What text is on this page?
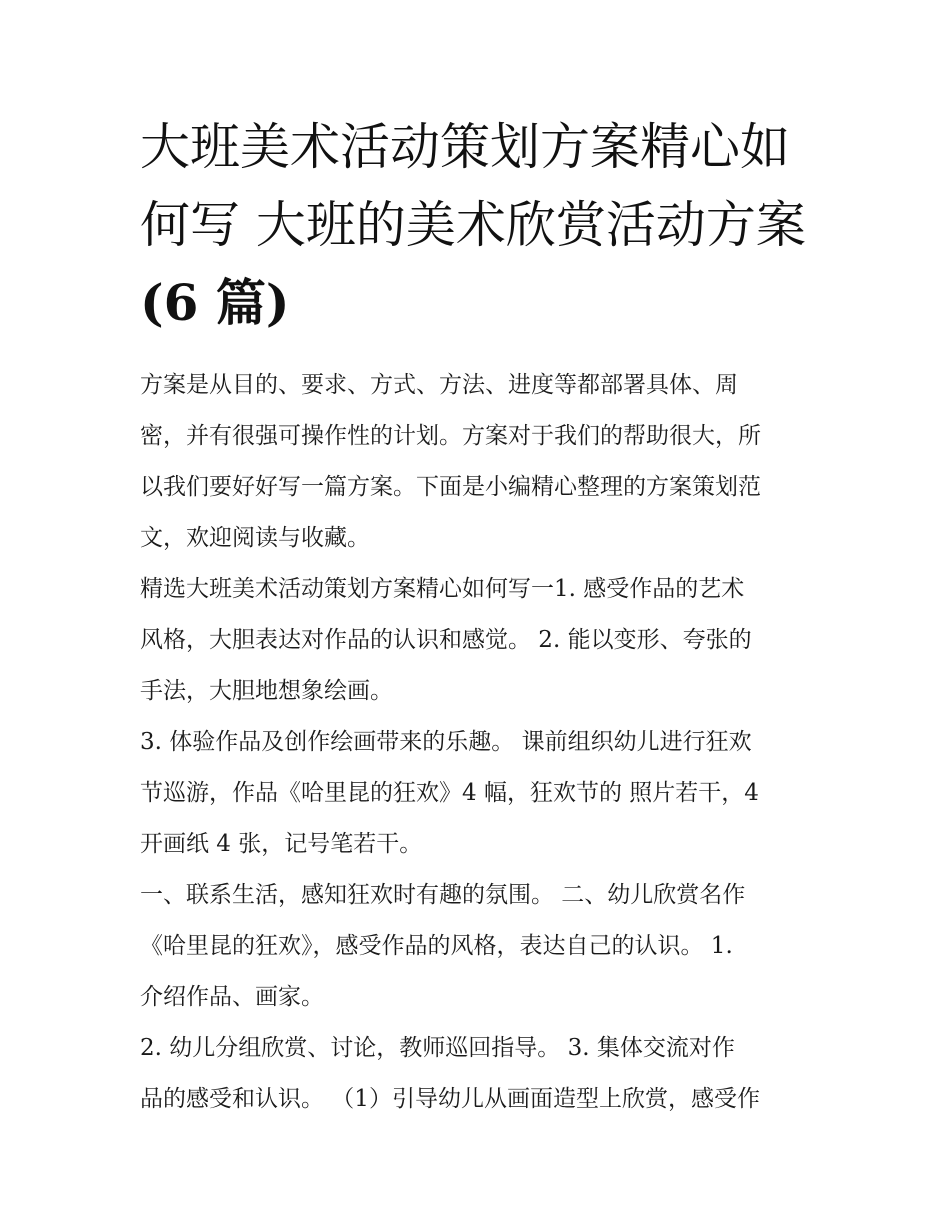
大班美术活动策划方案精心如
何写 大班的美术欣赏活动方案
(6 篇)

方案是从目的、要求、方式、方法、进度等都部署具体、周
密，并有很强可操作性的计划。方案对于我们的帮助很大，所
以我们要好好写一篇方案。下面是小编精心整理的方案策划范
文，欢迎阅读与收藏。

精选大班美术活动策划方案精心如何写一1. 感受作品的艺术
风格，大胆表达对作品的认识和感觉。 2. 能以变形、夸张的
手法，大胆地想象绘画。

3. 体验作品及创作绘画带来的乐趣。 课前组织幼儿进行狂欢
节巡游，作品《哈里昆的狂欢》4 幅，狂欢节的 照片若干，4
开画纸 4 张，记号笔若干。

一、联系生活，感知狂欢时有趣的氛围。 二、幼儿欣赏名作
《哈里昆的狂欢》，感受作品的风格，表达自己的认识。 1.
介绍作品、画家。

2. 幼儿分组欣赏、讨论，教师巡回指导。 3. 集体交流对作
品的感受和认识。 （1）引导幼儿从画面造型上欣赏，感受作
